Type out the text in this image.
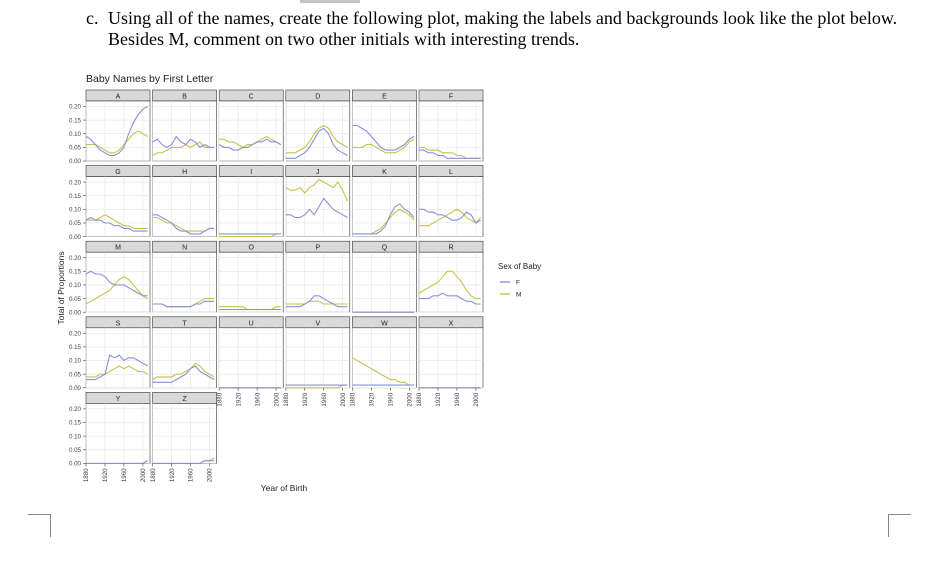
c. Using all of the names, create the following plot, making the labels and backgrounds look like the plot below. Besides M, comment on two other initials with interesting trends.
Baby Names by First Letter
A
0.00
0.05
0.10
0.15
0.20
B	C	D	E	F
G
0.00
0.05
0.10
0.15
0.20
H	I	J	K	L
M
0.00
0.05
0.10
0.15
0.20
N	O	P	Q	R
S
0.00
0.05
0.10
0.15
0.20
T	U
1880 1920 1960 2000
V
1880 1920 1960 2000
W
1880 1920 1960 2000
X
1880 1920 1960 2000
Y
0.00
0.05
0.10
0.15
0.20
1880 1920 1960 2000
Z
1880 1920 1960 2000
Year of Birth
Total of Proportions	Sex of Baby
F
M
